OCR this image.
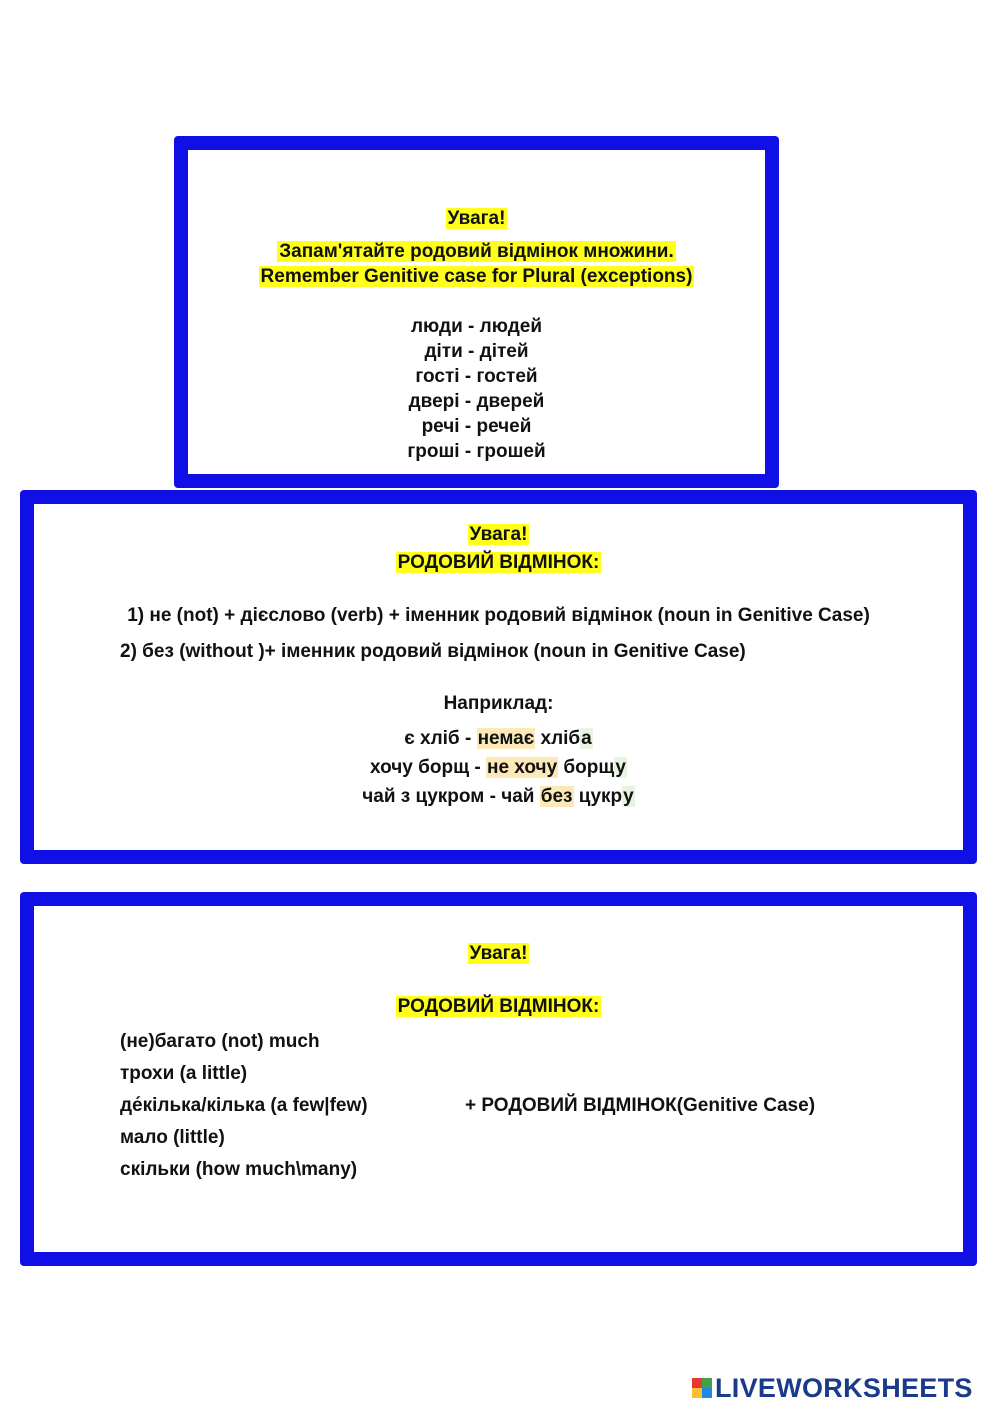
Увага!
Запам'ятайте родовий відмінок множини.
Remember Genitive case for Plural (exceptions)
люди - людей
діти - дітей
гості - гостей
двері - дверей
речі - речей
гроші - грошей
Увага!
РОДОВИЙ ВІДМІНОК:
1) не (not) + дієслово (verb) + іменник родовий відмінок (noun in Genitive Case)
2) без (without )+ іменник родовий відмінок (noun in Genitive Case)
Наприклад:
є хліб - немає хліба
хочу борщ - не хочу борщу
чай з цукром - чай без цукру
Увага!
РОДОВИЙ ВІДМІНОК:
(не)багато (not) much
трохи (a little)
де́кілька/кілька (a few|few)
мало (little)
скільки (how much\many)
+ РОДОВИЙ ВІДМІНОК(Genitive Case)
LIVEWORKSHEETS
